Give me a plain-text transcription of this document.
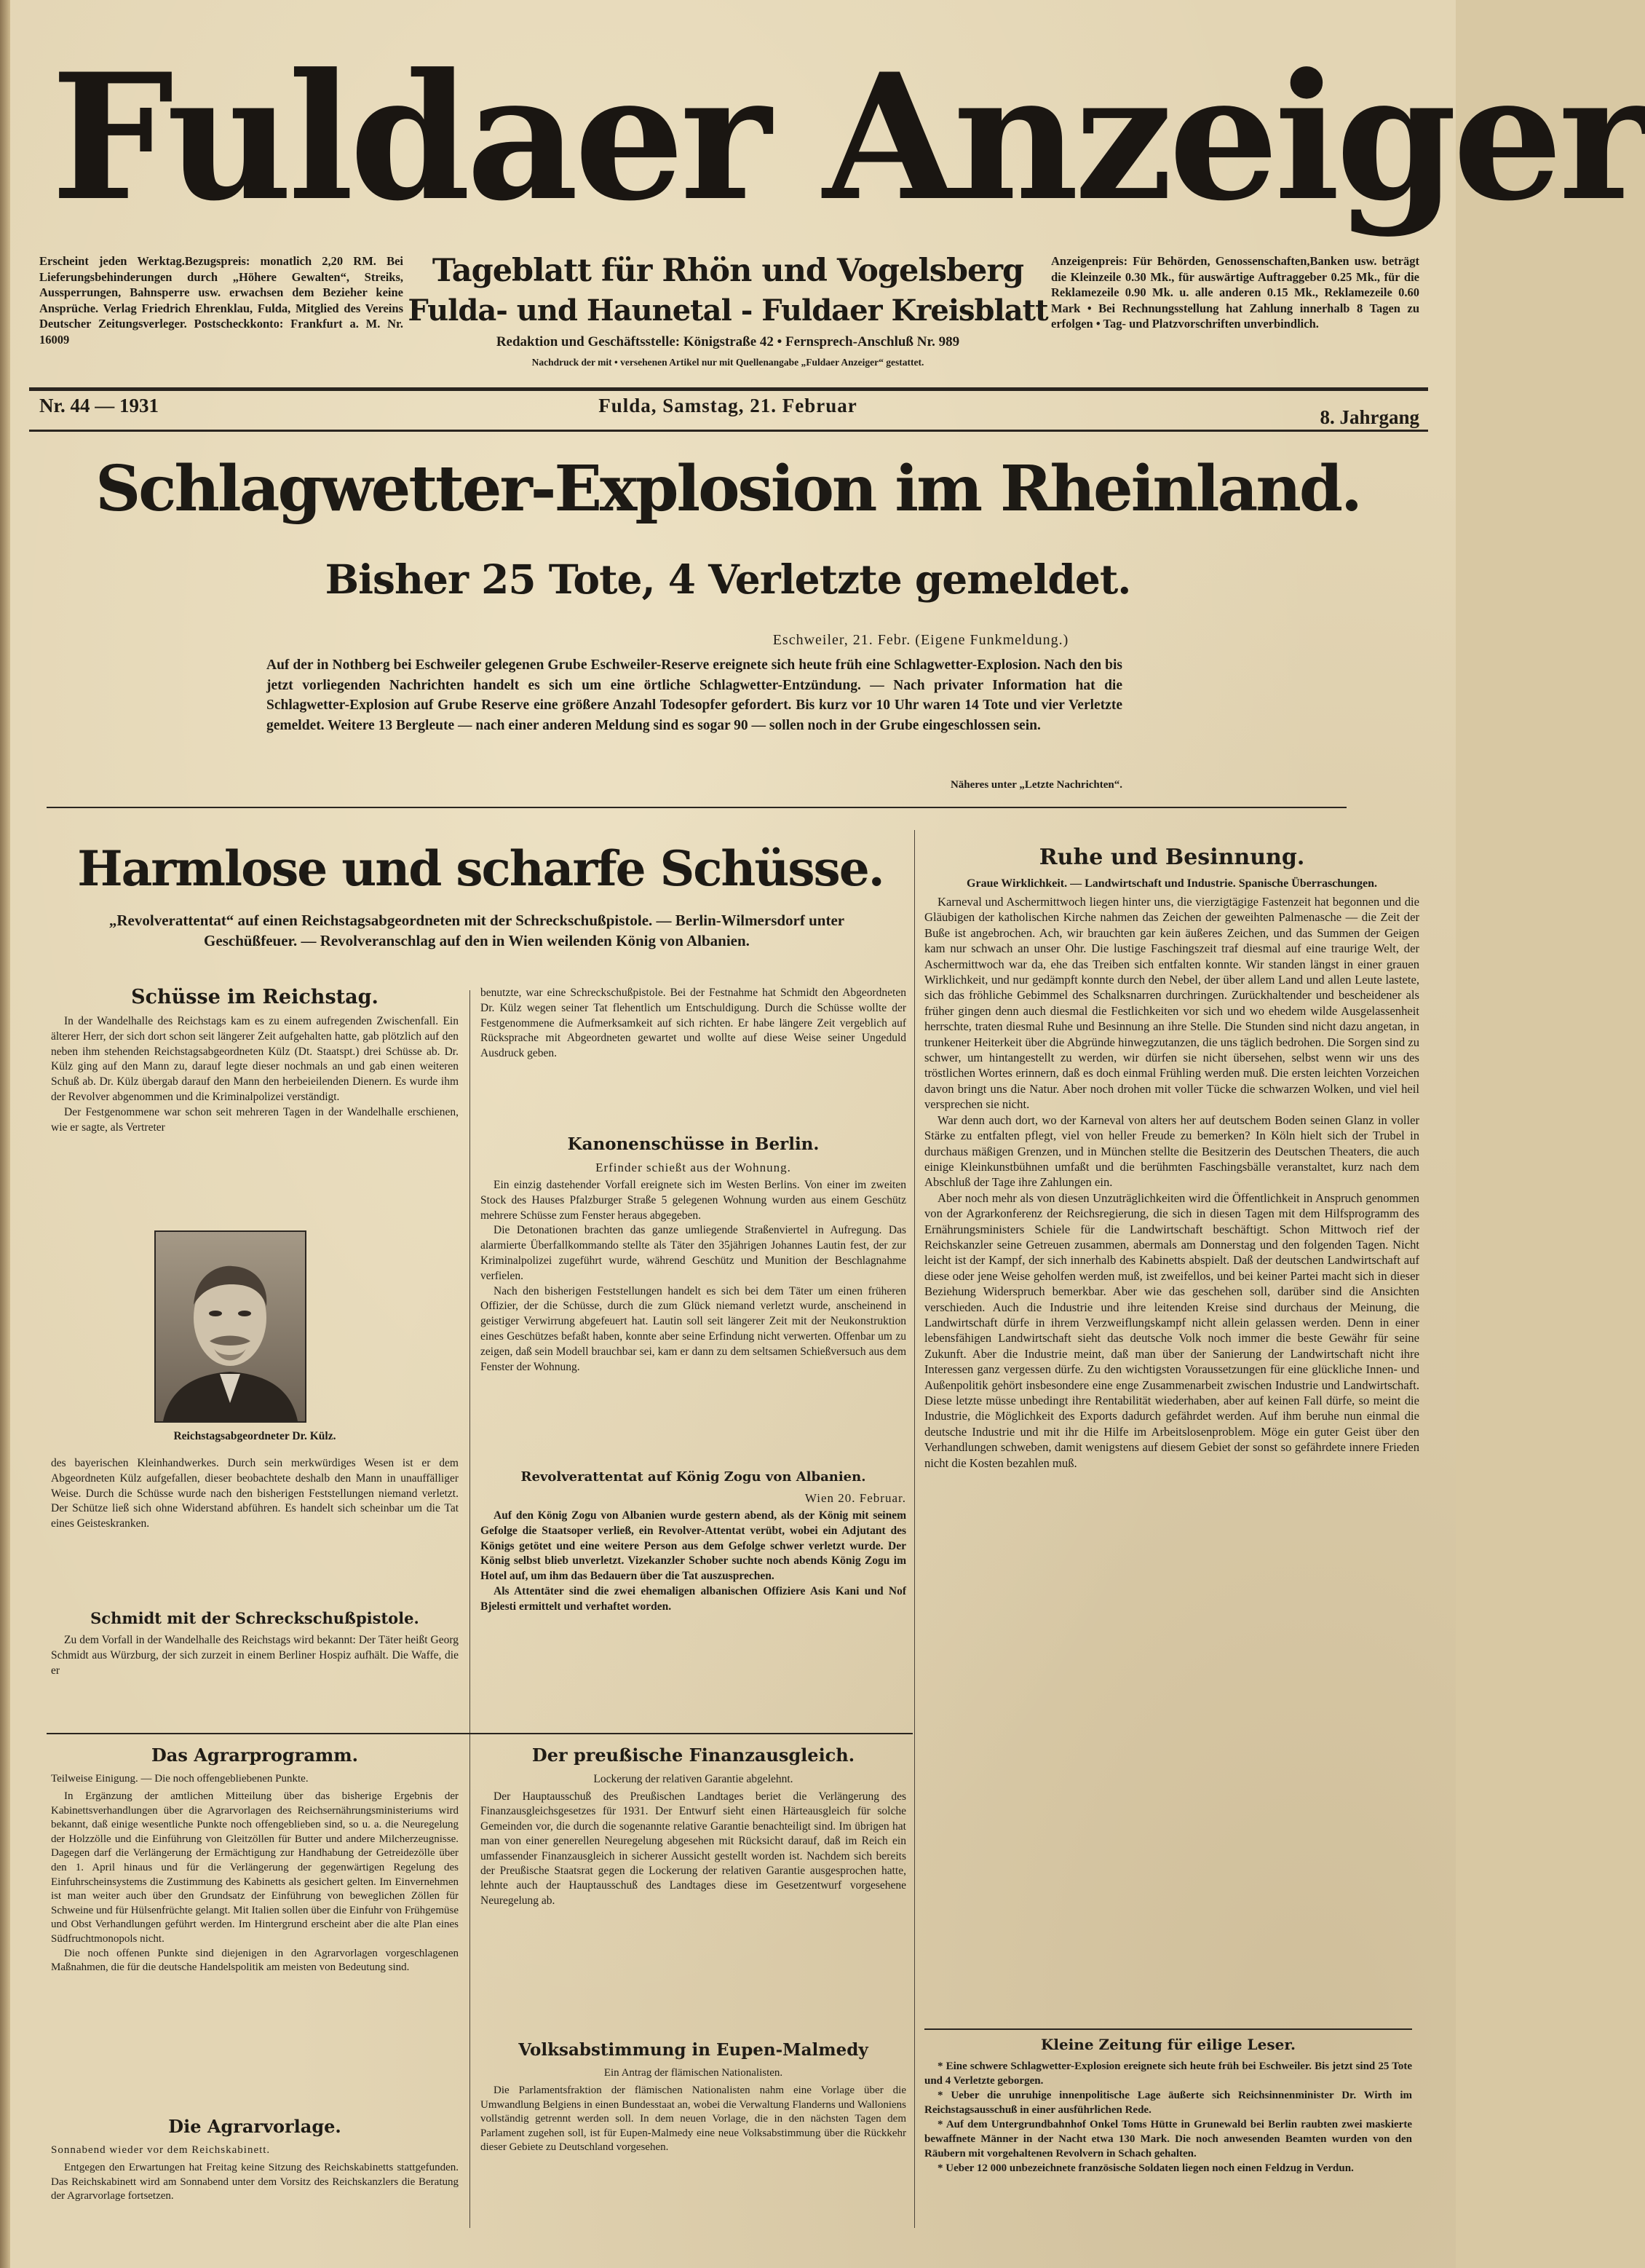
Fuldaer Anzeiger
Erscheint jeden Werktag.Bezugspreis: monatlich 2,20 RM. Bei Lieferungsbehinderungen durch „Höhere Gewalten“, Streiks, Aussperrungen, Bahnsperre usw. erwachsen dem Bezieher keine Ansprüche. Verlag Friedrich Ehrenklau, Fulda, Mitglied des Vereins Deutscher Zeitungsverleger. Postscheckkonto: Frankfurt a. M. Nr. 16009
Tageblatt für Rhön und Vogelsberg
Fulda- und Haunetal - Fuldaer Kreisblatt
Redaktion und Geschäftsstelle: Königstraße 42 • Fernsprech-Anschluß Nr. 989
Nachdruck der mit • versehenen Artikel nur mit Quellenangabe „Fuldaer Anzeiger“ gestattet.
Anzeigenpreis: Für Behörden, Genossenschaften,Banken usw. beträgt die Kleinzeile 0.30 Mk., für auswärtige Auftraggeber 0.25 Mk., für die Reklamezeile 0.90 Mk. u. alle anderen 0.15 Mk., Reklamezeile 0.60 Mark • Bei Rechnungsstellung hat Zahlung innerhalb 8 Tagen zu erfolgen • Tag- und Platzvorschriften unverbindlich.
Nr. 44 — 1931	Fulda, Samstag, 21. Februar
8. Jahrgang
Schlagwetter-Explosion im Rheinland.
Bisher 25 Tote, 4 Verletzte gemeldet.
Eschweiler, 21. Febr. (Eigene Funkmeldung.)
Auf der in Nothberg bei Eschweiler gelegenen Grube Eschweiler-Reserve ereignete sich heute früh eine Schlagwetter-Explosion. Nach den bis jetzt vorliegenden Nachrichten handelt es sich um eine örtliche Schlagwetter-Entzündung. — Nach privater Information hat die Schlagwetter-Explosion auf Grube Reserve eine größere Anzahl Todesopfer gefordert. Bis kurz vor 10 Uhr waren 14 Tote und vier Verletzte gemeldet. Weitere 13 Bergleute — nach einer anderen Meldung sind es sogar 90 — sollen noch in der Grube eingeschlossen sein.
Näheres unter „Letzte Nachrichten“.
Harmlose und scharfe Schüsse.
„Revolverattentat“ auf einen Reichstagsabgeordneten mit der Schreckschußpistole. — Berlin-Wilmersdorf unter Geschüßfeuer. — Revolveranschlag auf den in Wien weilenden König von Albanien.
Schüsse im Reichstag.

In der Wandelhalle des Reichstags kam es zu einem aufregenden Zwischenfall. Ein älterer Herr, der sich dort schon seit längerer Zeit aufgehalten hatte, gab plötzlich auf den neben ihm stehenden Reichstagsabgeordneten Külz (Dt. Staatspt.) drei Schüsse ab. Dr. Külz ging auf den Mann zu, darauf legte dieser nochmals an und gab einen weiteren Schuß ab. Dr. Külz übergab darauf den Mann den herbeieilenden Dienern. Es wurde ihm der Revolver abgenommen und die Kriminalpolizei verständigt.

Der Festgenommene war schon seit mehreren Tagen in der Wandelhalle erschienen, wie er sagte, als Vertreter

Reichstagsabgeordneter Dr. Külz.

des bayerischen Kleinhandwerkes. Durch sein merkwürdiges Wesen ist er dem Abgeordneten Külz aufgefallen, dieser beobachtete deshalb den Mann in unauffälliger Weise. Durch die Schüsse wurde nach den bisherigen Feststellungen niemand verletzt. Der Schütze ließ sich ohne Widerstand abführen. Es handelt sich scheinbar um die Tat eines Geisteskranken.

Schmidt mit der Schreckschußpistole.

Zu dem Vorfall in der Wandelhalle des Reichstags wird bekannt: Der Täter heißt Georg Schmidt aus Würzburg, der sich zurzeit in einem Berliner Hospiz aufhält. Die Waffe, die er

benutzte, war eine Schreckschußpistole. Bei der Festnahme hat Schmidt den Abgeordneten Dr. Külz wegen seiner Tat flehentlich um Entschuldigung. Durch die Schüsse wollte der Festgenommene die Aufmerksamkeit auf sich richten. Er habe längere Zeit vergeblich auf Rücksprache mit Abgeordneten gewartet und wollte auf diese Weise seiner Ungeduld Ausdruck geben.

Kanonenschüsse in Berlin.

Erfinder schießt aus der Wohnung.

Ein einzig dastehender Vorfall ereignete sich im Westen Berlins. Von einer im zweiten Stock des Hauses Pfalzburger Straße 5 gelegenen Wohnung wurden aus einem Geschütz mehrere Schüsse zum Fenster heraus abgegeben.

Die Detonationen brachten das ganze umliegende Straßenviertel in Aufregung. Das alarmierte Überfallkommando stellte als Täter den 35jährigen Johannes Lautin fest, der zur Kriminalpolizei zugeführt wurde, während Geschütz und Munition der Beschlagnahme verfielen.

Nach den bisherigen Feststellungen handelt es sich bei dem Täter um einen früheren Offizier, der die Schüsse, durch die zum Glück niemand verletzt wurde, anscheinend in geistiger Verwirrung abgefeuert hat. Lautin soll seit längerer Zeit mit der Neukonstruktion eines Geschützes befaßt haben, konnte aber seine Erfindung nicht verwerten. Offenbar um zu zeigen, daß sein Modell brauchbar sei, kam er dann zu dem seltsamen Schießversuch aus dem Fenster der Wohnung.

Revolverattentat auf König Zogu von Albanien.

Wien 20. Februar.

Auf den König Zogu von Albanien wurde gestern abend, als der König mit seinem Gefolge die Staatsoper verließ, ein Revolver-Attentat verübt, wobei ein Adjutant des Königs getötet und eine weitere Person aus dem Gefolge schwer verletzt wurde. Der König selbst blieb unverletzt. Vizekanzler Schober suchte noch abends König Zogu im Hotel auf, um ihm das Bedauern über die Tat auszusprechen.

Als Attentäter sind die zwei ehemaligen albanischen Offiziere Asis Kani und Nof Bjelesti ermittelt und verhaftet worden.

Ruhe und Besinnung.

Graue Wirklichkeit. — Landwirtschaft und Industrie. Spanische Überraschungen.

Karneval und Aschermittwoch liegen hinter uns, die vierzigtägige Fastenzeit hat begonnen und die Gläubigen der katholischen Kirche nahmen das Zeichen der geweihten Palmenasche — die Zeit der Buße ist angebrochen. Ach, wir brauchten gar kein äußeres Zeichen, und das Summen der Geigen kam nur schwach an unser Ohr. Die lustige Faschingszeit traf diesmal auf eine traurige Welt, der Aschermittwoch war da, ehe das Treiben sich entfalten konnte. Wir standen längst in einer grauen Wirklichkeit, und nur gedämpft konnte durch den Nebel, der über allem Land und allen Leute lastete, sich das fröhliche Gebimmel des Schalksnarren durchringen. Zurückhaltender und bescheidener als früher gingen denn auch diesmal die Festlichkeiten vor sich und wo ehedem wilde Ausgelassenheit herrschte, traten diesmal Ruhe und Besinnung an ihre Stelle. Die Stunden sind nicht dazu angetan, in trunkener Heiterkeit über die Abgründe hinwegzutanzen, die uns täglich bedrohen. Die Sorgen sind zu schwer, um hintangestellt zu werden, wir dürfen sie nicht übersehen, selbst wenn wir uns des tröstlichen Wortes erinnern, daß es doch einmal Frühling werden muß. Die ersten leichten Vorzeichen davon bringt uns die Natur. Aber noch drohen mit voller Tücke die schwarzen Wolken, und viel heil versprechen sie nicht.

War denn auch dort, wo der Karneval von alters her auf deutschem Boden seinen Glanz in voller Stärke zu entfalten pflegt, viel von heller Freude zu bemerken? In Köln hielt sich der Trubel in durchaus mäßigen Grenzen, und in München stellte die Besitzerin des Deutschen Theaters, die auch einige Kleinkunstbühnen umfaßt und die berühmten Faschingsbälle veranstaltet, kurz nach dem Abschluß der Tage ihre Zahlungen ein.

Aber noch mehr als von diesen Unzuträglichkeiten wird die Öffentlichkeit in Anspruch genommen von der Agrarkonferenz der Reichsregierung, die sich in diesen Tagen mit dem Hilfsprogramm des Ernährungsministers Schiele für die Landwirtschaft beschäftigt. Schon Mittwoch rief der Reichskanzler seine Getreuen zusammen, abermals am Donnerstag und den folgenden Tagen. Nicht leicht ist der Kampf, der sich innerhalb des Kabinetts abspielt. Daß der deutschen Landwirtschaft auf diese oder jene Weise geholfen werden muß, ist zweifellos, und bei keiner Partei macht sich in dieser Beziehung Widerspruch bemerkbar. Aber wie das geschehen soll, darüber sind die Ansichten verschieden. Auch die Industrie und ihre leitenden Kreise sind durchaus der Meinung, die Landwirtschaft dürfe in ihrem Verzweiflungskampf nicht allein gelassen werden. Denn in einer lebensfähigen Landwirtschaft sieht das deutsche Volk noch immer die beste Gewähr für seine Zukunft. Aber die Industrie meint, daß man über der Sanierung der Landwirtschaft nicht ihre Interessen ganz vergessen dürfe. Zu den wichtigsten Voraussetzungen für eine glückliche Innen- und Außenpolitik gehört insbesondere eine enge Zusammenarbeit zwischen Industrie und Landwirtschaft. Diese letzte müsse unbedingt ihre Rentabilität wiederhaben, aber auf keinen Fall dürfe, so meint die Industrie, die Möglichkeit des Exports dadurch gefährdet werden. Auf ihm beruhe nun einmal die deutsche Industrie und mit ihr die Hilfe im Arbeitslosenproblem. Möge ein guter Geist über den Verhandlungen schweben, damit wenigstens auf diesem Gebiet der sonst so gefährdete innere Frieden nicht die Kosten bezahlen muß.

Kleine Zeitung für eilige Leser.

* Eine schwere Schlagwetter-Explosion ereignete sich heute früh bei Eschweiler. Bis jetzt sind 25 Tote und 4 Verletzte geborgen.

* Ueber die unruhige innenpolitische Lage äußerte sich Reichsinnenminister Dr. Wirth im Reichstagsausschuß in einer ausführlichen Rede.

* Auf dem Untergrundbahnhof Onkel Toms Hütte in Grunewald bei Berlin raubten zwei maskierte bewaffnete Männer in der Nacht etwa 130 Mark. Die noch anwesenden Beamten wurden von den Räubern mit vorgehaltenen Revolvern in Schach gehalten.

* Ueber 12 000 unbezeichnete französische Soldaten liegen noch einen Feldzug in Verdun.

Das Agrarprogramm.

Teilweise Einigung. — Die noch offengebliebenen Punkte.

In Ergänzung der amtlichen Mitteilung über das bisherige Ergebnis der Kabinettsverhandlungen über die Agrarvorlagen des Reichsernährungsministeriums wird bekannt, daß einige wesentliche Punkte noch offengeblieben sind, so u. a. die Neuregelung der Holzzölle und die Einführung von Gleitzöllen für Butter und andere Milcherzeugnisse. Dagegen darf die Verlängerung der Ermächtigung zur Handhabung der Getreidezölle über den 1. April hinaus und für die Verlängerung der gegenwärtigen Regelung des Einfuhrscheinsystems die Zustimmung des Kabinetts als gesichert gelten. Im Einvernehmen ist man weiter auch über den Grundsatz der Einführung von beweglichen Zöllen für Schweine und für Hülsenfrüchte gelangt. Mit Italien sollen über die Einfuhr von Frühgemüse und Obst Verhandlungen geführt werden. Im Hintergrund erscheint aber die alte Plan eines Südfruchtmonopols nicht.

Die noch offenen Punkte sind diejenigen in den Agrarvorlagen vorgeschlagenen Maßnahmen, die für die deutsche Handelspolitik am meisten von Bedeutung sind.

Die Agrarvorlage.

Sonnabend wieder vor dem Reichskabinett.

Entgegen den Erwartungen hat Freitag keine Sitzung des Reichskabinetts stattgefunden. Das Reichskabinett wird am Sonnabend unter dem Vorsitz des Reichskanzlers die Beratung der Agrarvorlage fortsetzen.

Der preußische Finanzausgleich.

Lockerung der relativen Garantie abgelehnt.

Der Hauptausschuß des Preußischen Landtages beriet die Verlängerung des Finanzausgleichsgesetzes für 1931. Der Entwurf sieht einen Härteausgleich für solche Gemeinden vor, die durch die sogenannte relative Garantie benachteiligt sind. Im übrigen hat man von einer generellen Neuregelung abgesehen mit Rücksicht darauf, daß im Reich ein umfassender Finanzausgleich in sicherer Aussicht gestellt worden ist. Nachdem sich bereits der Preußische Staatsrat gegen die Lockerung der relativen Garantie ausgesprochen hatte, lehnte auch der Hauptausschuß des Landtages diese im Gesetzentwurf vorgesehene Neuregelung ab.

Volksabstimmung in Eupen-Malmedy

Ein Antrag der flämischen Nationalisten.

Die Parlamentsfraktion der flämischen Nationalisten nahm eine Vorlage über die Umwandlung Belgiens in einen Bundesstaat an, wobei die Verwaltung Flanderns und Walloniens vollständig getrennt werden soll. In dem neuen Vorlage, die in den nächsten Tagen dem Parlament zugehen soll, ist für Eupen-Malmedy eine neue Volksabstimmung über die Rückkehr dieser Gebiete zu Deutschland vorgesehen.
